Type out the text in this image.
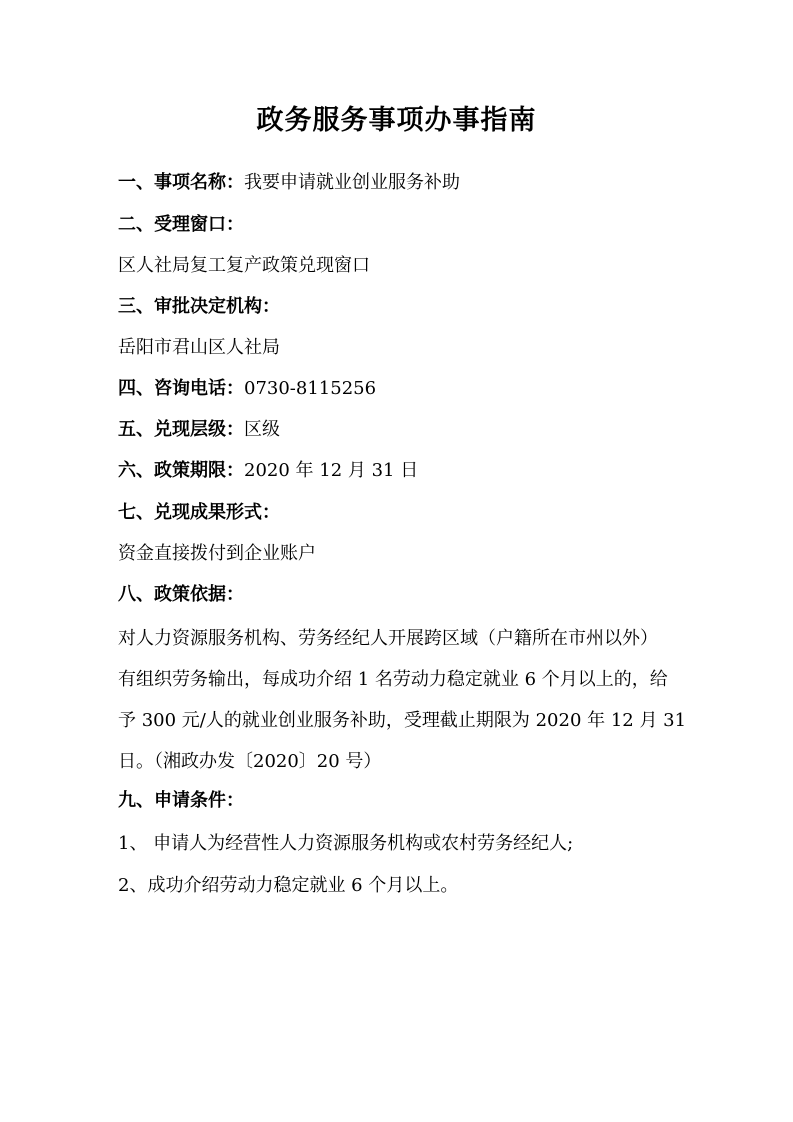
政务服务事项办事指南
一、事项名称：我要申请就业创业服务补助
二、受理窗口：
区人社局复工复产政策兑现窗口
三、审批决定机构：
岳阳市君山区人社局
四、咨询电话：0730-8115256
五、兑现层级：区级
六、政策期限：2020 年 12 月 31 日
七、兑现成果形式：
资金直接拨付到企业账户
八、政策依据：
对人力资源服务机构、劳务经纪人开展跨区域（户籍所在市州以外）
有组织劳务输出，每成功介绍 1 名劳动力稳定就业 6 个月以上的，给
予 300 元/人的就业创业服务补助，受理截止期限为 2020 年 12 月 31
日。（湘政办发〔2020〕20 号）
九、申请条件：
1、 申请人为经营性人力资源服务机构或农村劳务经纪人;
2、成功介绍劳动力稳定就业 6 个月以上。
